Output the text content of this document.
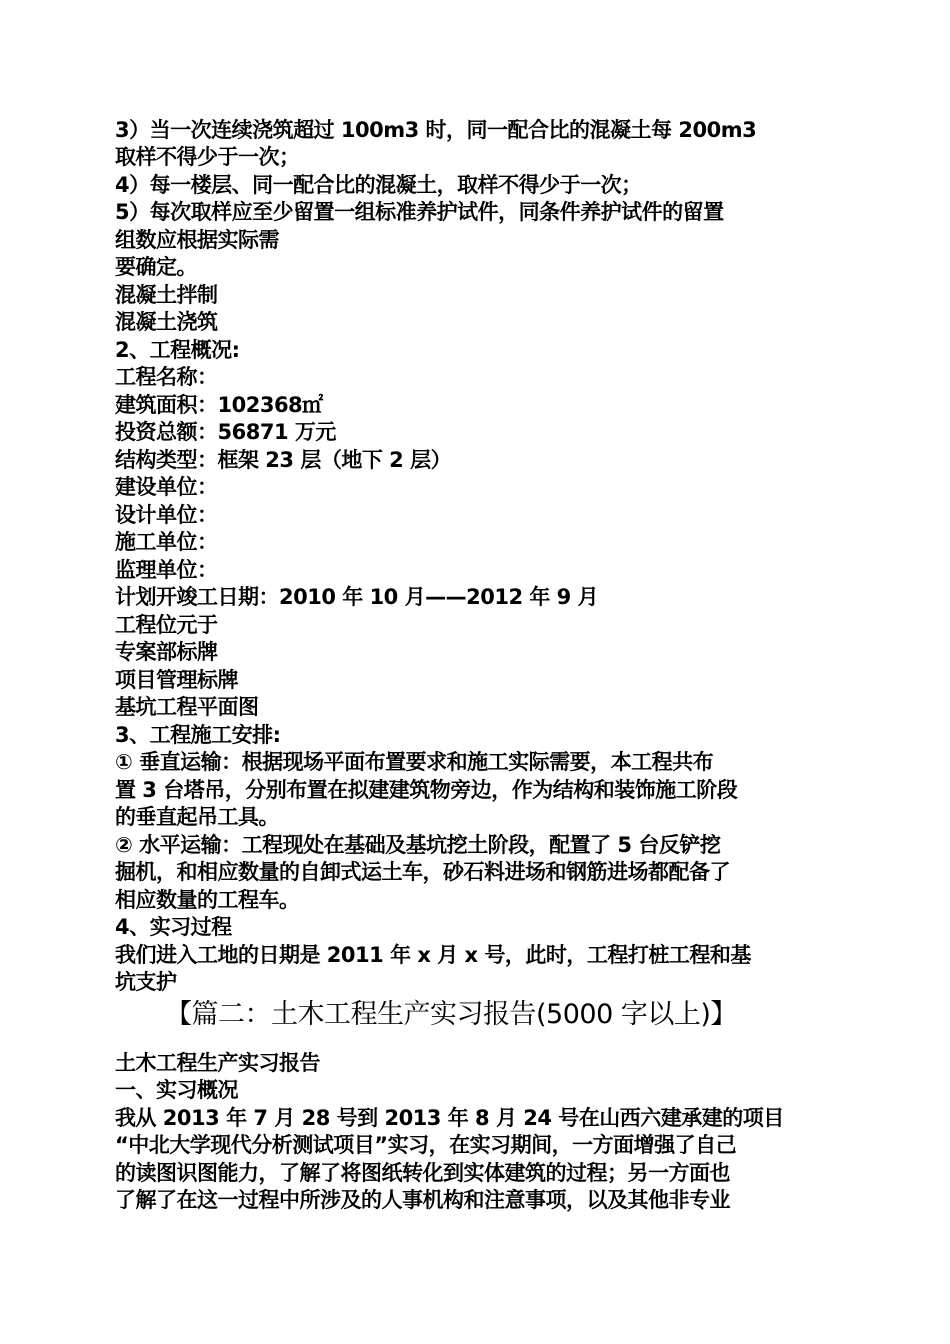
3）当一次连续浇筑超过 100m3 时，同一配合比的混凝土每 200m3
取样不得少于一次；
4）每一楼层、同一配合比的混凝土，取样不得少于一次；
5）每次取样应至少留置一组标准养护试件，同条件养护试件的留置
组数应根据实际需
要确定。
混凝土拌制
混凝土浇筑
2、工程概况:
工程名称：
建筑面积：102368㎡
投资总额：56871 万元
结构类型：框架 23 层（地下 2 层）
建设单位：
设计单位：
施工单位：
监理单位：
计划开竣工日期：2010 年 10 月——2012 年 9 月
工程位元于
专案部标牌
项目管理标牌
基坑工程平面图
3、工程施工安排:
① 垂直运输：根据现场平面布置要求和施工实际需要，本工程共布
置 3 台塔吊，分别布置在拟建建筑物旁边，作为结构和装饰施工阶段
的垂直起吊工具。
② 水平运输：工程现处在基础及基坑挖土阶段，配置了 5 台反铲挖
掘机，和相应数量的自卸式运土车，砂石料进场和钢筋进场都配备了
相应数量的工程车。
4、实习过程
我们进入工地的日期是 2011 年 x 月 x 号，此时，工程打桩工程和基
坑支护
【篇二：土木工程生产实习报告(5000 字以上)】
土木工程生产实习报告
一、实习概况
我从 2013 年 7 月 28 号到 2013 年 8 月 24 号在山西六建承建的项目
“中北大学现代分析测试项目”实习，在实习期间，一方面增强了自己
的读图识图能力，了解了将图纸转化到实体建筑的过程；另一方面也
了解了在这一过程中所涉及的人事机构和注意事项，以及其他非专业
